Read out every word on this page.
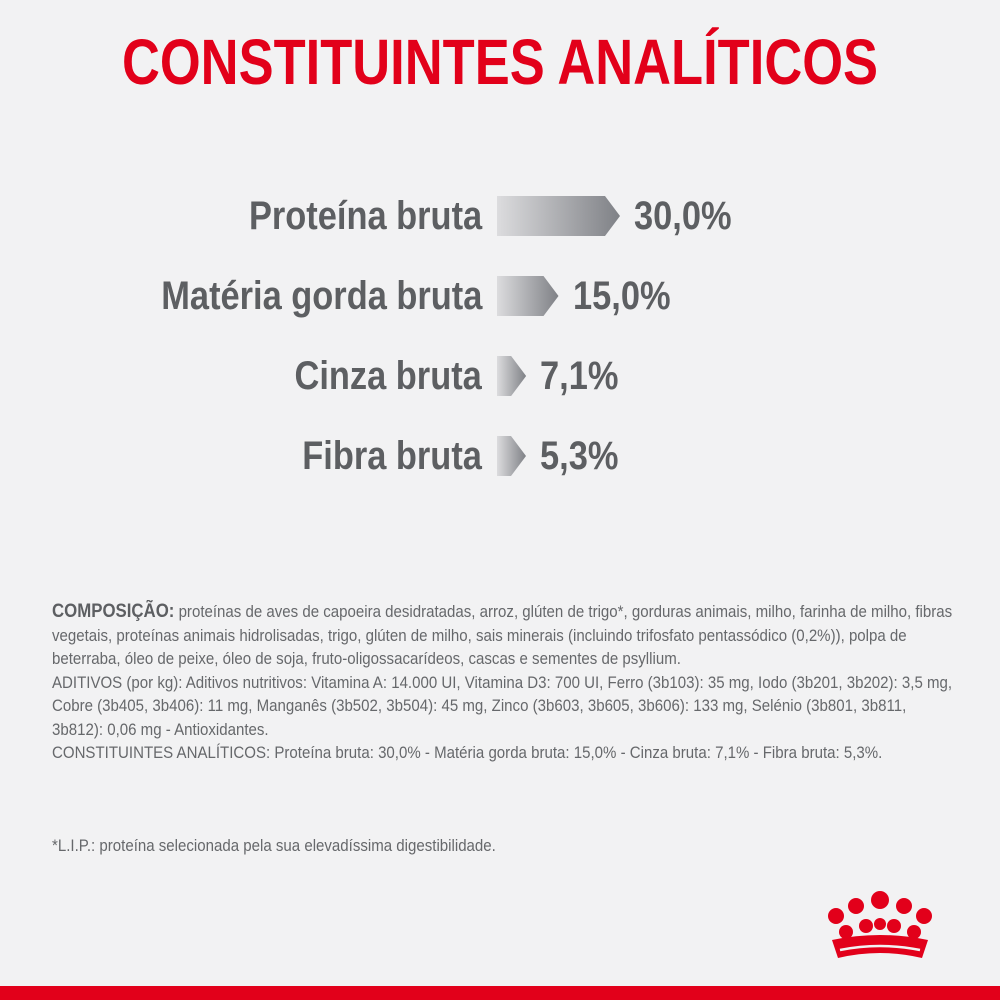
CONSTITUINTES ANALÍTICOS
Proteína bruta	30,0%
Matéria gorda bruta 15,0%
Cinza bruta 7,1%
Fibra bruta 5,3%

COMPOSIÇÃO: proteínas de aves de capoeira desidratadas, arroz, glúten de trigo*, gorduras animais, milho, farinha de milho, fibras vegetais, proteínas animais hidrolisadas, trigo, glúten de milho, sais minerais (incluindo trifosfato pentassódico (0,2%)), polpa de beterraba, óleo de peixe, óleo de soja, fruto-oligossacarídeos, cascas e sementes de psyllium.

ADITIVOS (por kg): Aditivos nutritivos: Vitamina A: 14.000 UI, Vitamina D3: 700 UI, Ferro (3b103): 35 mg, Iodo (3b201, 3b202): 3,5 mg, Cobre (3b405, 3b406): 11 mg, Manganês (3b502, 3b504): 45 mg, Zinco (3b603, 3b605, 3b606): 133 mg, Selénio (3b801, 3b811, 3b812): 0,06 mg - Antioxidantes.

CONSTITUINTES ANALÍTICOS: Proteína bruta: 30,0% - Matéria gorda bruta: 15,0% - Cinza bruta: 7,1% - Fibra bruta: 5,3%.

*L.I.P.: proteína selecionada pela sua elevadíssima digestibilidade.
